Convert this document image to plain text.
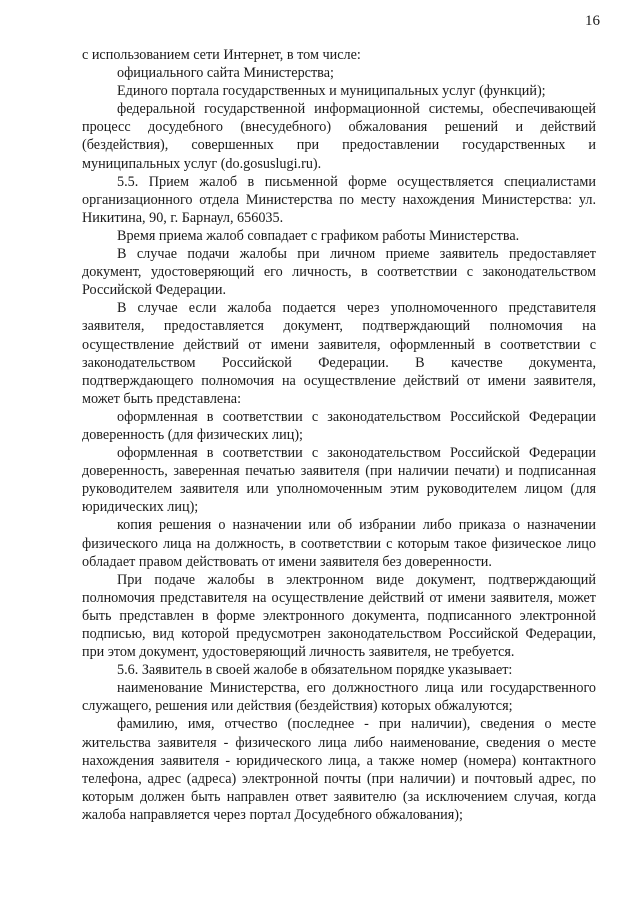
16

с использованием сети Интернет, в том числе:

официального сайта Министерства;

Единого портала государственных и муниципальных услуг (функций);

федеральной государственной информационной системы, обеспечивающей процесс досудебного (внесудебного) обжалования решений и действий (бездействия), совершенных при предоставлении государственных и муниципальных услуг (do.gosuslugi.ru).

5.5. Прием жалоб в письменной форме осуществляется специалистами организационного отдела Министерства по месту нахождения Министерства: ул. Никитина, 90, г. Барнаул, 656035.

Время приема жалоб совпадает с графиком работы Министерства.

В случае подачи жалобы при личном приеме заявитель предоставляет документ, удостоверяющий его личность, в соответствии с законодательством Российской Федерации.

В случае если жалоба подается через уполномоченного представителя заявителя, предоставляется документ, подтверждающий полномочия на осуществление действий от имени заявителя, оформленный в соответствии с законодательством Российской Федерации. В качестве документа, подтверждающего полномочия на осуществление действий от имени заявителя, может быть представлена:

оформленная в соответствии с законодательством Российской Федерации доверенность (для физических лиц);

оформленная в соответствии с законодательством Российской Федерации доверенность, заверенная печатью заявителя (при наличии печати) и подписанная руководителем заявителя или уполномоченным этим руководителем лицом (для юридических лиц);

копия решения о назначении или об избрании либо приказа о назначении физического лица на должность, в соответствии с которым такое физическое лицо обладает правом действовать от имени заявителя без доверенности.

При подаче жалобы в электронном виде документ, подтверждающий полномочия представителя на осуществление действий от имени заявителя, может быть представлен в форме электронного документа, подписанного электронной подписью, вид которой предусмотрен законодательством Российской Федерации, при этом документ, удостоверяющий личность заявителя, не требуется.

5.6. Заявитель в своей жалобе в обязательном порядке указывает:

наименование Министерства, его должностного лица или государственного служащего, решения или действия (бездействия) которых обжалуются;

фамилию, имя, отчество (последнее - при наличии), сведения о месте жительства заявителя - физического лица либо наименование, сведения о месте нахождения заявителя - юридического лица, а также номер (номера) контактного телефона, адрес (адреса) электронной почты (при наличии) и почтовый адрес, по которым должен быть направлен ответ заявителю (за исключением случая, когда жалоба направляется через портал Досудебного обжалования);
